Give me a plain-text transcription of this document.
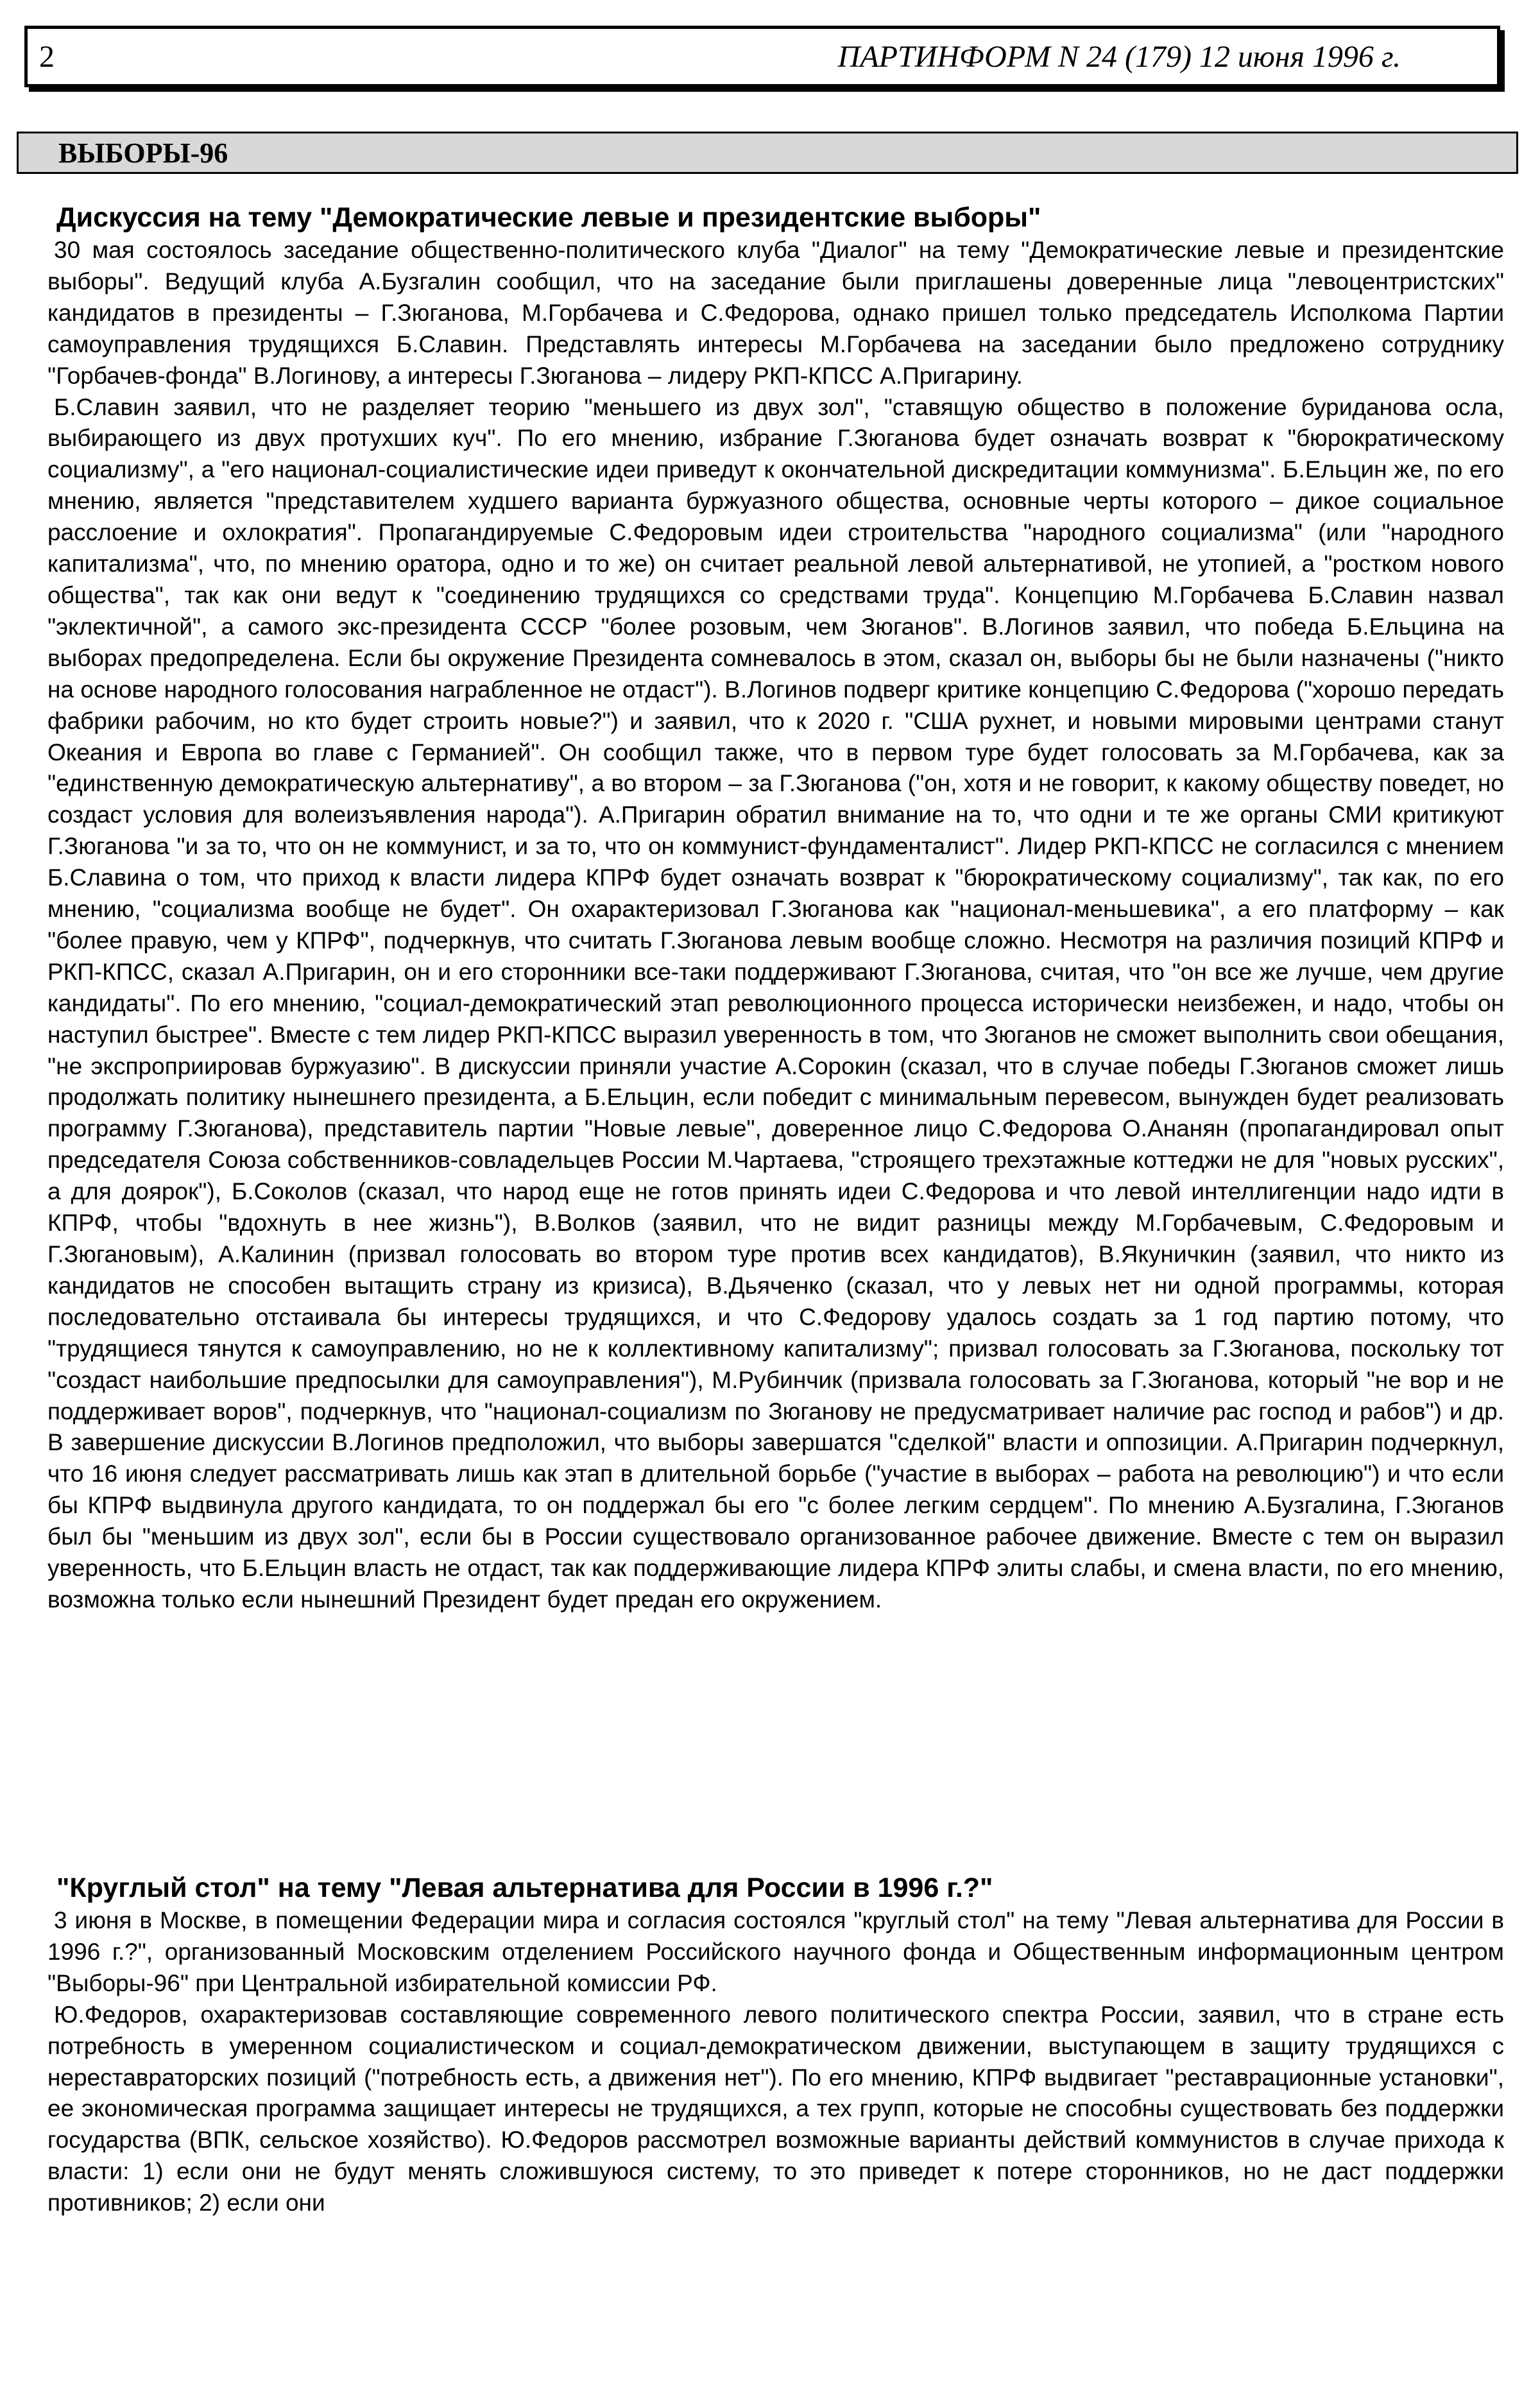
2	ПАРТИНФОРМ N 24 (179) 12 июня 1996 г.
ВЫБОРЫ-96
Дискуссия на тему "Демократические левые и президентские выборы"

30 мая состоялось заседание общественно-политического клуба "Диалог" на тему "Демократические левые и президентские выборы". Ведущий клуба А.Бузгалин сообщил, что на заседание были приглашены доверенные лица "левоцентристских" кандидатов в президенты – Г.Зюганова, М.Горбачева и С.Федорова, однако пришел только председатель Исполкома Партии самоуправления трудящихся Б.Славин. Представлять интересы М.Горбачева на заседании было предложено сотруднику "Горбачев-фонда" В.Логинову, а интересы Г.Зюганова – лидеру РКП-КПСС А.Пригарину.

Б.Славин заявил, что не разделяет теорию "меньшего из двух зол", "ставящую общество в положение буриданова осла, выбирающего из двух протухших куч". По его мнению, избрание Г.Зюганова будет означать возврат к "бюрократическому социализму", а "его национал-социалистические идеи приведут к окончательной дискредитации коммунизма". Б.Ельцин же, по его мнению, является "представителем худшего варианта буржуазного общества, основные черты которого – дикое социальное расслоение и охлократия". Пропагандируемые С.Федоровым идеи строительства "народного социализма" (или "народного капитализма", что, по мнению оратора, одно и то же) он считает реальной левой альтернативой, не утопией, а "ростком нового общества", так как они ведут к "соединению трудящихся со средствами труда". Концепцию М.Горбачева Б.Славин назвал "эклектичной", а самого экс-президента СССР "более розовым, чем Зюганов". В.Логинов заявил, что победа Б.Ельцина на выборах предопределена. Если бы окружение Президента сомневалось в этом, сказал он, выборы бы не были назначены ("никто на основе народного голосования награбленное не отдаст"). В.Логинов подверг критике концепцию С.Федорова ("хорошо передать фабрики рабочим, но кто будет строить новые?") и заявил, что к 2020 г. "США рухнет, и новыми мировыми центрами станут Океания и Европа во главе с Германией". Он сообщил также, что в первом туре будет голосовать за М.Горбачева, как за "единственную демократическую альтернативу", а во втором – за Г.Зюганова ("он, хотя и не говорит, к какому обществу поведет, но создаст условия для волеизъявления народа"). А.Пригарин обратил внимание на то, что одни и те же органы СМИ критикуют Г.Зюганова "и за то, что он не коммунист, и за то, что он коммунист-фундаменталист". Лидер РКП-КПСС не согласился с мнением Б.Славина о том, что приход к власти лидера КПРФ будет означать возврат к "бюрократическому социализму", так как, по его мнению, "социализма вообще не будет". Он охарактеризовал Г.Зюганова как "национал-меньшевика", а его платформу – как "более правую, чем у КПРФ", подчеркнув, что считать Г.Зюганова левым вообще сложно. Несмотря на различия позиций КПРФ и РКП-КПСС, сказал А.Пригарин, он и его сторонники все-таки поддерживают Г.Зюганова, считая, что "он все же лучше, чем другие кандидаты". По его мнению, "социал-демократический этап революционного процесса исторически неизбежен, и надо, чтобы он наступил быстрее". Вместе с тем лидер РКП-КПСС выразил уверенность в том, что Зюганов не сможет выполнить свои обещания, "не экспроприировав буржуазию". В дискуссии приняли участие А.Сорокин (сказал, что в случае победы Г.Зюганов сможет лишь продолжать политику нынешнего президента, а Б.Ельцин, если победит с минимальным перевесом, вынужден будет реализовать программу Г.Зюганова), представитель партии "Новые левые", доверенное лицо С.Федорова О.Ананян (пропагандировал опыт председателя Союза собственников-совладельцев России М.Чартаева, "строящего трехэтажные коттеджи не для "новых русских", а для доярок"), Б.Соколов (сказал, что народ еще не готов принять идеи С.Федорова и что левой интеллигенции надо идти в КПРФ, чтобы "вдохнуть в нее жизнь"), В.Волков (заявил, что не видит разницы между М.Горбачевым, С.Федоровым и Г.Зюгановым), А.Калинин (призвал голосовать во втором туре против всех кандидатов), В.Якуничкин (заявил, что никто из кандидатов не способен вытащить страну из кризиса), В.Дьяченко (сказал, что у левых нет ни одной программы, которая последовательно отстаивала бы интересы трудящихся, и что С.Федорову удалось создать за 1 год партию потому, что "трудящиеся тянутся к самоуправлению, но не к коллективному капитализму"; призвал голосовать за Г.Зюганова, поскольку тот "создаст наибольшие предпосылки для самоуправления"), М.Рубинчик (призвала голосовать за Г.Зюганова, который "не вор и не поддерживает воров", подчеркнув, что "национал-социализм по Зюганову не предусматривает наличие рас господ и рабов") и др. В завершение дискуссии В.Логинов предположил, что выборы завершатся "сделкой" власти и оппозиции. А.Пригарин подчеркнул, что 16 июня следует рассматривать лишь как этап в длительной борьбе ("участие в выборах – работа на революцию") и что если бы КПРФ выдвинула другого кандидата, то он поддержал бы его "с более легким сердцем". По мнению А.Бузгалина, Г.Зюганов был бы "меньшим из двух зол", если бы в России существовало организованное рабочее движение. Вместе с тем он выразил уверенность, что Б.Ельцин власть не отдаст, так как поддерживающие лидера КПРФ элиты слабы, и смена власти, по его мнению, возможна только если нынешний Президент будет предан его окружением.

"Круглый стол" на тему "Левая альтернатива для России в 1996 г.?"

3 июня в Москве, в помещении Федерации мира и согласия состоялся "круглый стол" на тему "Левая альтернатива для России в 1996 г.?", организованный Московским отделением Российского научного фонда и Общественным информационным центром "Выборы-96" при Центральной избирательной комиссии РФ.

Ю.Федоров, охарактеризовав составляющие современного левого политического спектра России, заявил, что в стране есть потребность в умеренном социалистическом и социал-демократическом движении, выступающем в защиту трудящихся с нереставраторских позиций ("потребность есть, а движения нет"). По его мнению, КПРФ выдвигает "реставрационные установки", ее экономическая программа защищает интересы не трудящихся, а тех групп, которые не способны существовать без поддержки государства (ВПК, сельское хозяйство). Ю.Федоров рассмотрел возможные варианты действий коммунистов в случае прихода к власти: 1) если они не будут менять сложившуюся систему, то это приведет к потере сторонников, но не даст поддержки противников; 2) если они
